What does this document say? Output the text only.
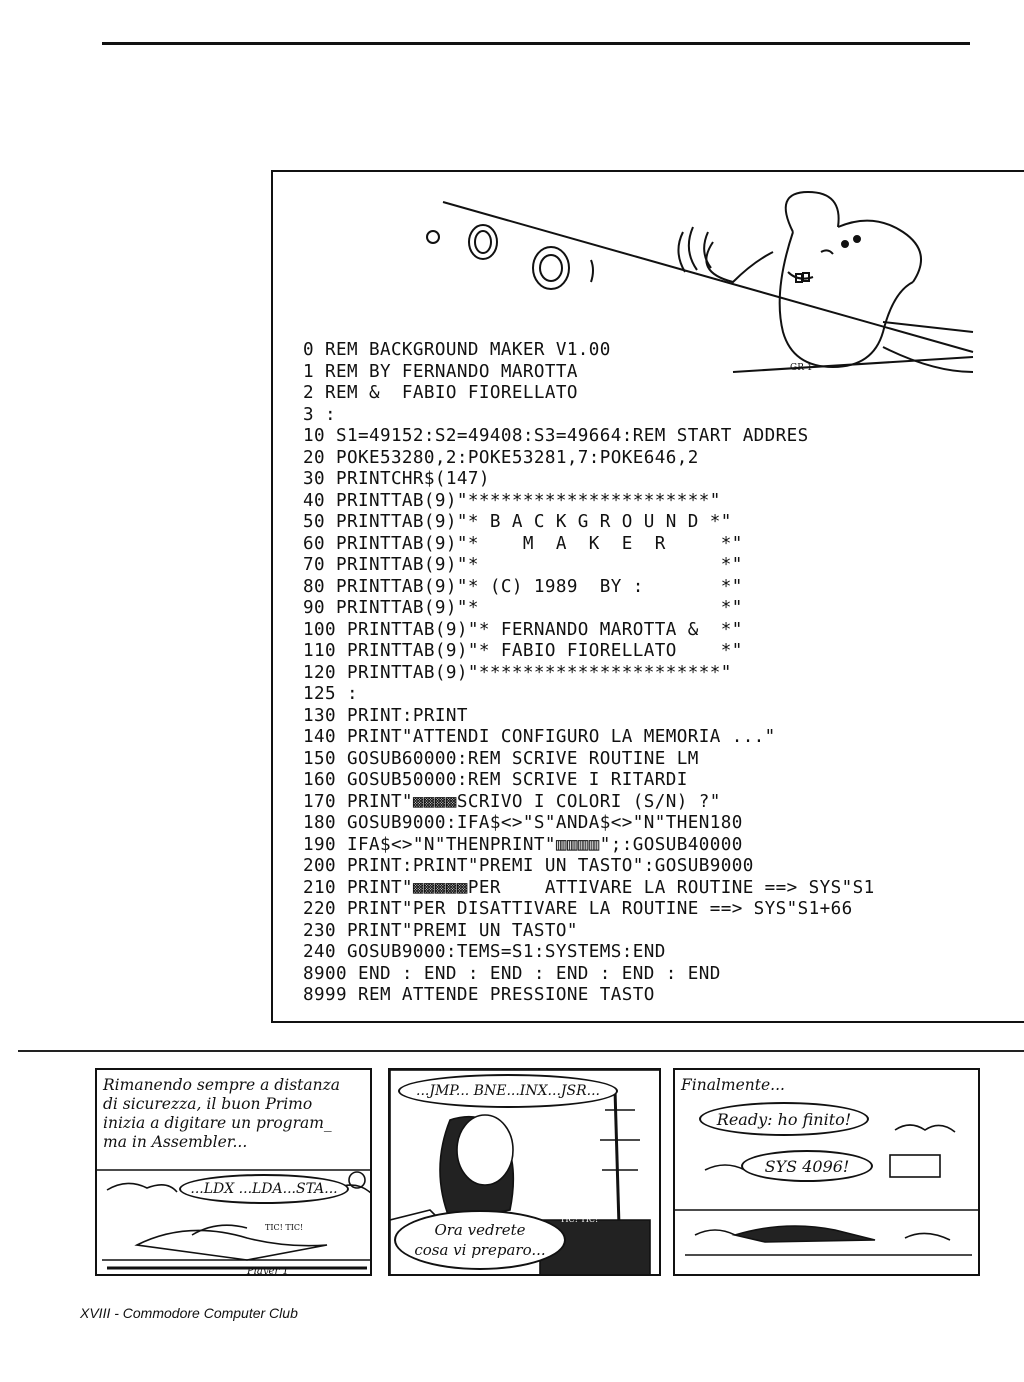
GR 1
0 REM BACKGROUND MAKER V1.00
1 REM BY FERNANDO MAROTTA
2 REM &  FABIO FIORELLATO
3 :
10 S1=49152:S2=49408:S3=49664:REM START ADDRES
20 POKE53280,2:POKE53281,7:POKE646,2
30 PRINTCHR$(147)
40 PRINTTAB(9)"**********************"
50 PRINTTAB(9)"* B A C K G R O U N D *"
60 PRINTTAB(9)"*    M  A  K  E  R     *"
70 PRINTTAB(9)"*                      *"
80 PRINTTAB(9)"* (C) 1989  BY :       *"
90 PRINTTAB(9)"*                      *"
100 PRINTTAB(9)"* FERNANDO MAROTTA &  *"
110 PRINTTAB(9)"* FABIO FIORELLATO    *"
120 PRINTTAB(9)"**********************"
125 :
130 PRINT:PRINT
140 PRINT"ATTENDI CONFIGURO LA MEMORIA ..."
150 GOSUB60000:REM SCRIVE ROUTINE LM
160 GOSUB50000:REM SCRIVE I RITARDI
170 PRINT"▩▩▩▩SCRIVO I COLORI (S/N) ?"
180 GOSUB9000:IFA$<>"S"ANDA$<>"N"THEN180
190 IFA$<>"N"THENPRINT"▥▥▥▥";:GOSUB40000
200 PRINT:PRINT"PREMI UN TASTO":GOSUB9000
210 PRINT"▩▩▩▩▩PER    ATTIVARE LA ROUTINE ==> SYS"S1
220 PRINT"PER DISATTIVARE LA ROUTINE ==> SYS"S1+66
230 PRINT"PREMI UN TASTO"
240 GOSUB9000:TEMS=S1:SYSTEMS:END
8900 END : END : END : END : END : END
8999 REM ATTENDE PRESSIONE TASTO
TIC! TIC!
Player 1
Rimanendo sempre a distanza
di sicurezza, il buon Primo
inizia a digitare un program_
ma in Assembler...
...LDX ...LDA...STA...
TIC! TIC!
...JMP... BNE...INX...JSR...
Ora vedrete
cosa vi preparo...
Finalmente...
Ready: ho finito!
SYS 4096!
XVIII - Commodore Computer Club
